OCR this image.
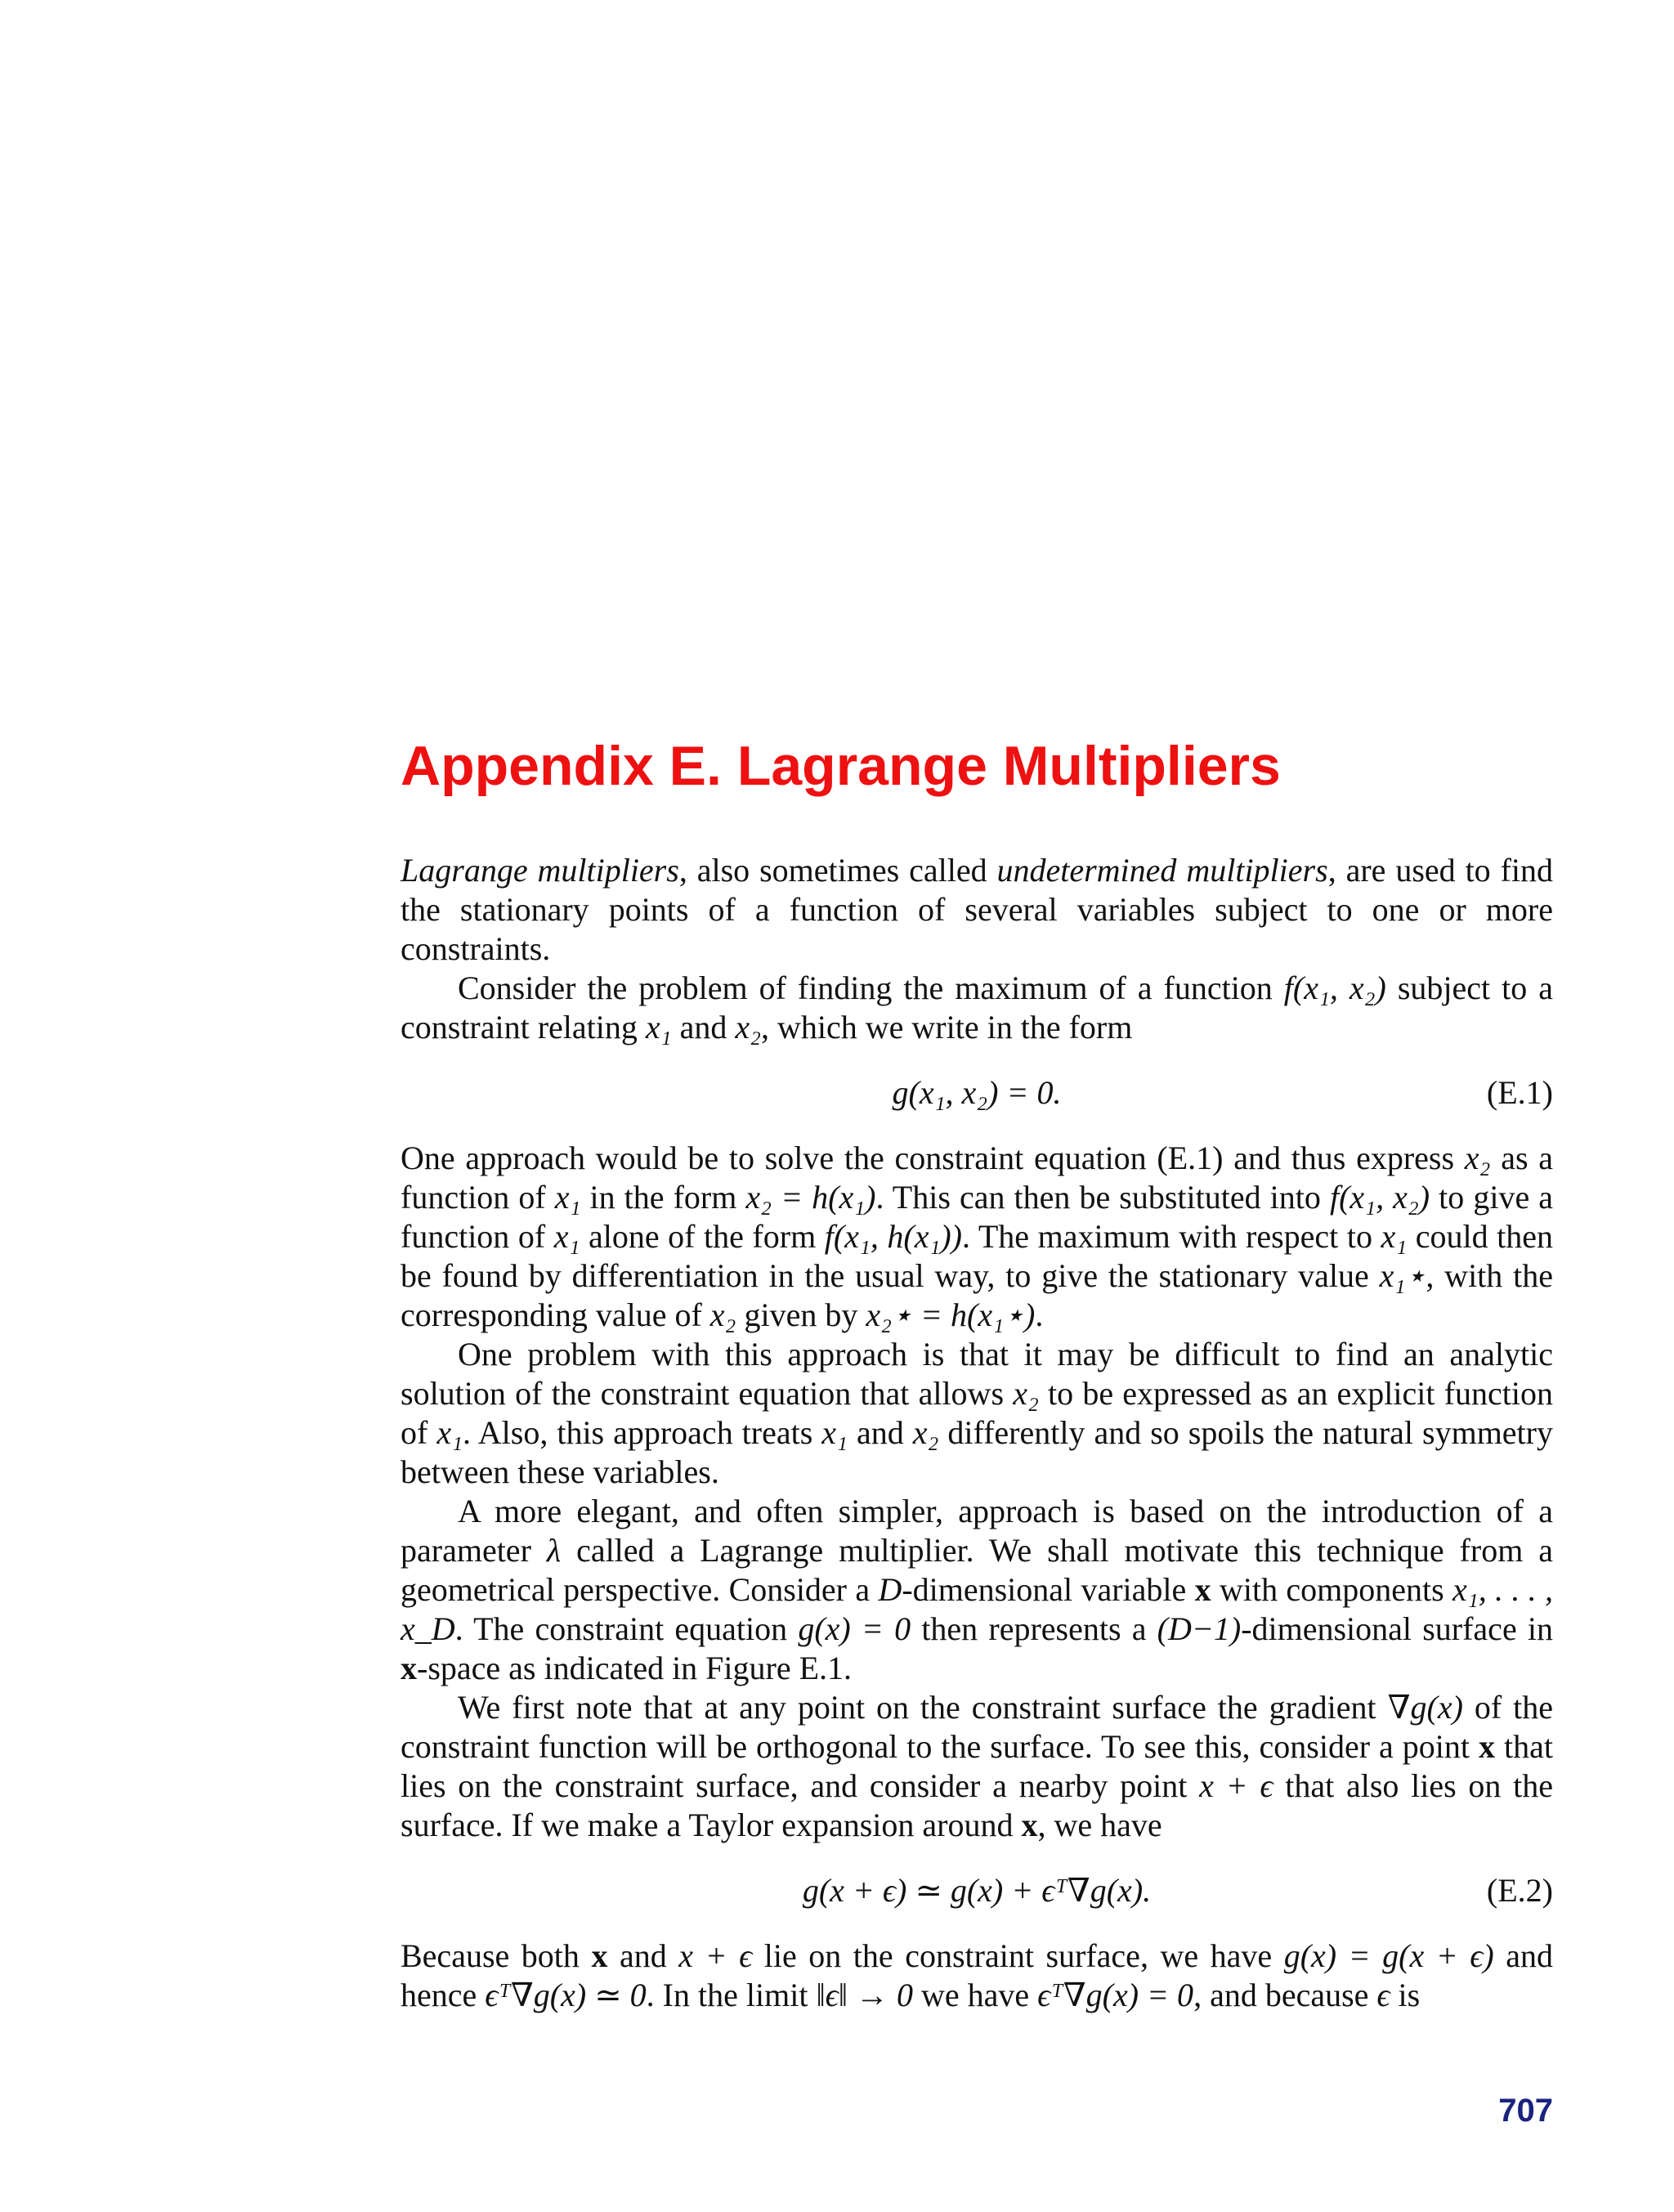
Appendix E. Lagrange Multipliers

Lagrange multipliers, also sometimes called undetermined multipliers, are used to find the stationary points of a function of several variables subject to one or more constraints.

Consider the problem of finding the maximum of a function f(x₁, x₂) subject to a constraint relating x₁ and x₂, which we write in the form

g(x₁, x₂) = 0.	(E.1)

One approach would be to solve the constraint equation (E.1) and thus express x₂ as a function of x₁ in the form x₂ = h(x₁). This can then be substituted into f(x₁, x₂) to give a function of x₁ alone of the form f(x₁, h(x₁)). The maximum with respect to x₁ could then be found by differentiation in the usual way, to give the stationary value x₁⋆, with the corresponding value of x₂ given by x₂⋆ = h(x₁⋆).

One problem with this approach is that it may be difficult to find an analytic solution of the constraint equation that allows x₂ to be expressed as an explicit function of x₁. Also, this approach treats x₁ and x₂ differently and so spoils the natural symmetry between these variables.

A more elegant, and often simpler, approach is based on the introduction of a parameter λ called a Lagrange multiplier. We shall motivate this technique from a geometrical perspective. Consider a D-dimensional variable x with components x₁, . . . , x_D. The constraint equation g(x) = 0 then represents a (D−1)-dimensional surface in x-space as indicated in Figure E.1.

We first note that at any point on the constraint surface the gradient ∇g(x) of the constraint function will be orthogonal to the surface. To see this, consider a point x that lies on the constraint surface, and consider a nearby point x + ϵ that also lies on the surface. If we make a Taylor expansion around x, we have

g(x + ϵ) ≃ g(x) + ϵᵀ∇g(x).	(E.2)

Because both x and x + ϵ lie on the constraint surface, we have g(x) = g(x + ϵ) and hence ϵᵀ∇g(x) ≃ 0. In the limit ‖ϵ‖ → 0 we have ϵᵀ∇g(x) = 0, and because ϵ is

707
